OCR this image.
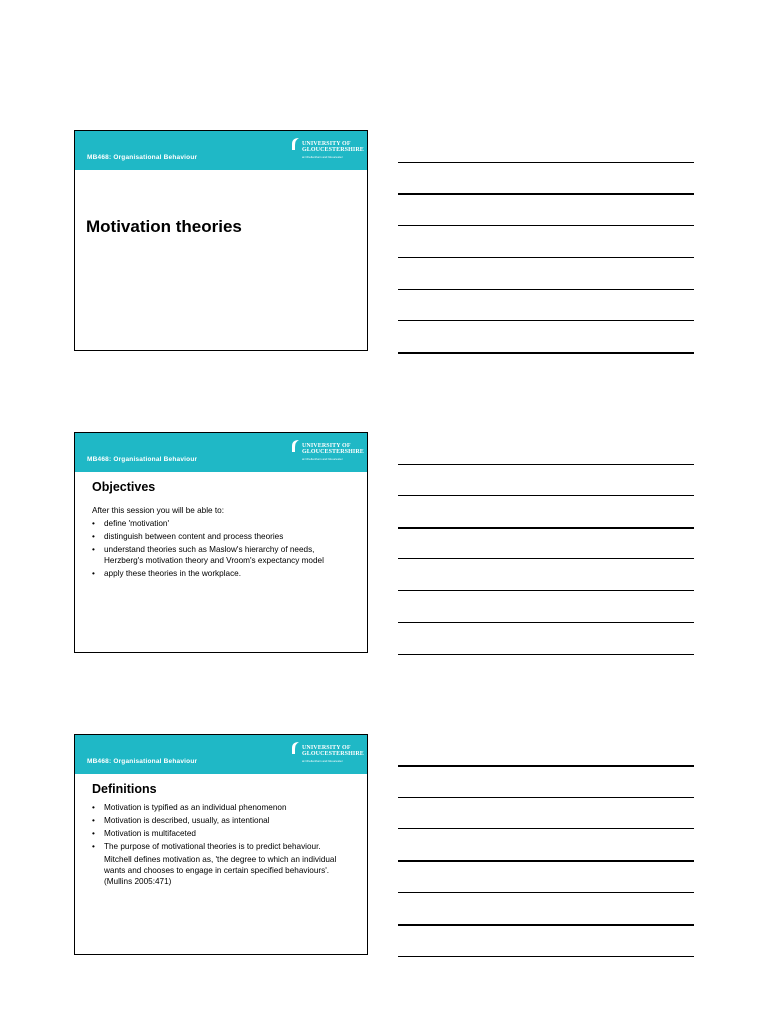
MB468: Organisational Behaviour
UNIVERSITY OF
GLOUCESTERSHIRE
at Cheltenham and Gloucester
Motivation theories
MB468: Organisational Behaviour
UNIVERSITY OF
GLOUCESTERSHIRE
at Cheltenham and Gloucester
Objectives

After this session you will be able to:

• define 'motivation'
• distinguish between content and process theories
• understand theories such as Maslow's hierarchy of needs, Herzberg's motivation theory and Vroom's expectancy model
• apply these theories in the workplace.
MB468: Organisational Behaviour
UNIVERSITY OF
GLOUCESTERSHIRE
at Cheltenham and Gloucester
Definitions
• Motivation is typified as an individual phenomenon
• Motivation is described, usually, as intentional
• Motivation is multifaceted
• The purpose of motivational theories is to predict behaviour.

Mitchell defines motivation as, 'the degree to which an individual wants and chooses to engage in certain specified behaviours'.

(Mullins 2005:471)
